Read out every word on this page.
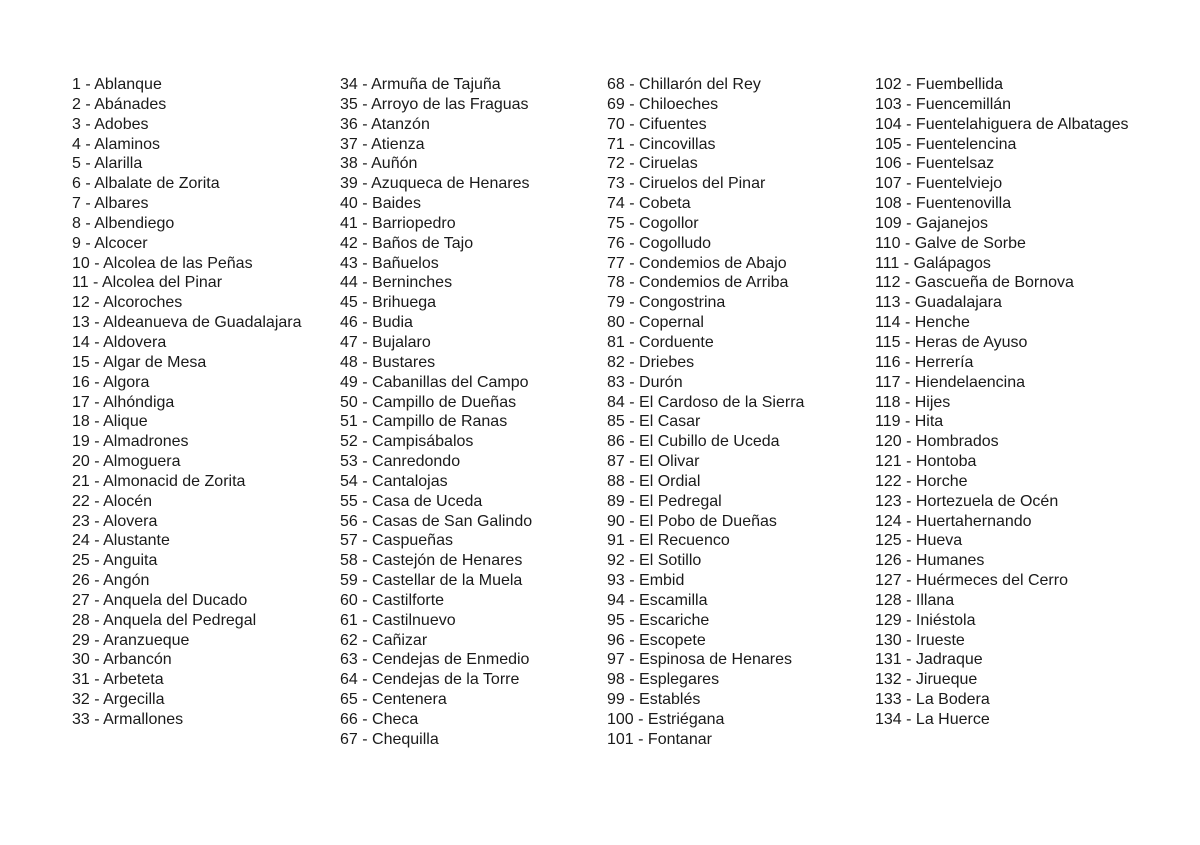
1 - Ablanque
2 - Abánades
3 - Adobes
4 - Alaminos
5 - Alarilla
6 - Albalate de Zorita
7 - Albares
8 - Albendiego
9 - Alcocer
10 - Alcolea de las Peñas
11 - Alcolea del Pinar
12 - Alcoroches
13 - Aldeanueva de Guadalajara
14 - Aldovera
15 - Algar de Mesa
16 - Algora
17 - Alhóndiga
18 - Alique
19 - Almadrones
20 - Almoguera
21 - Almonacid de Zorita
22 - Alocén
23 - Alovera
24 - Alustante
25 - Anguita
26 - Angón
27 - Anquela del Ducado
28 - Anquela del Pedregal
29 - Aranzueque
30 - Arbancón
31 - Arbeteta
32 - Argecilla
33 - Armallones
34 - Armuña de Tajuña
35 - Arroyo de las Fraguas
36 - Atanzón
37 - Atienza
38 - Auñón
39 - Azuqueca de Henares
40 - Baides
41 - Barriopedro
42 - Baños de Tajo
43 - Bañuelos
44 - Berninches
45 - Brihuega
46 - Budia
47 - Bujalaro
48 - Bustares
49 - Cabanillas del Campo
50 - Campillo de Dueñas
51 - Campillo de Ranas
52 - Campisábalos
53 - Canredondo
54 - Cantalojas
55 - Casa de Uceda
56 - Casas de San Galindo
57 - Caspueñas
58 - Castejón de Henares
59 - Castellar de la Muela
60 - Castilforte
61 - Castilnuevo
62 - Cañizar
63 - Cendejas de Enmedio
64 - Cendejas de la Torre
65 - Centenera
66 - Checa
67 - Chequilla
68 - Chillarón del Rey
69 - Chiloeches
70 - Cifuentes
71 - Cincovillas
72 - Ciruelas
73 - Ciruelos del Pinar
74 - Cobeta
75 - Cogollor
76 - Cogolludo
77 - Condemios de Abajo
78 - Condemios de Arriba
79 - Congostrina
80 - Copernal
81 - Corduente
82 - Driebes
83 - Durón
84 - El Cardoso de la Sierra
85 - El Casar
86 - El Cubillo de Uceda
87 - El Olivar
88 - El Ordial
89 - El Pedregal
90 - El Pobo de Dueñas
91 - El Recuenco
92 - El Sotillo
93 - Embid
94 - Escamilla
95 - Escariche
96 - Escopete
97 - Espinosa de Henares
98 - Esplegares
99 - Establés
100 - Estriégana
101 - Fontanar
102 - Fuembellida
103 - Fuencemillán
104 - Fuentelahiguera de Albatages
105 - Fuentelencina
106 - Fuentelsaz
107 - Fuentelviejo
108 - Fuentenovilla
109 - Gajanejos
110 - Galve de Sorbe
111 - Galápagos
112 - Gascueña de Bornova
113 - Guadalajara
114 - Henche
115 - Heras de Ayuso
116 - Herrería
117 - Hiendelaencina
118 - Hijes
119 - Hita
120 - Hombrados
121 - Hontoba
122 - Horche
123 - Hortezuela de Océn
124 - Huertahernando
125 - Hueva
126 - Humanes
127 - Huérmeces del Cerro
128 - Illana
129 - Iniéstola
130 - Irueste
131 - Jadraque
132 - Jirueque
133 - La Bodera
134 - La Huerce
